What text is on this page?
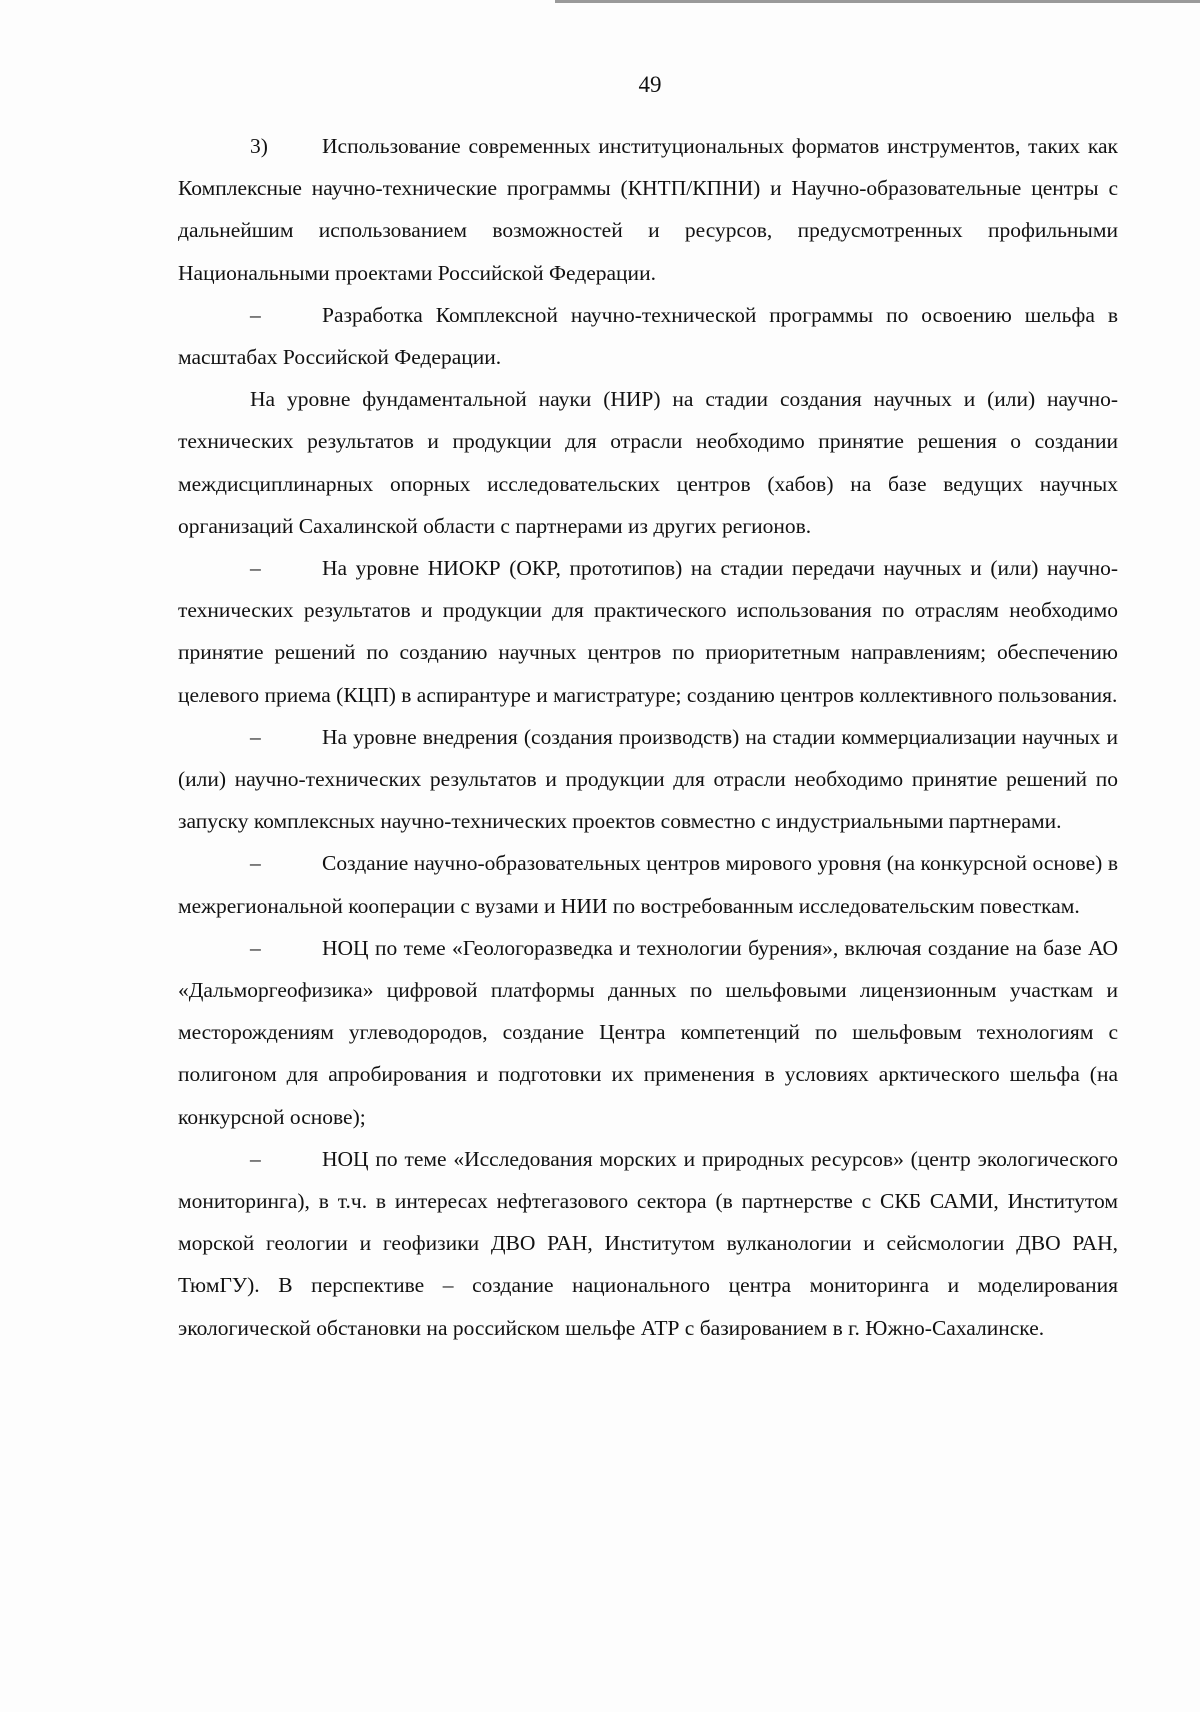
49

3)	Использование современных институциональных форматов инструментов, таких как Комплексные научно-технические программы (КНТП/КПНИ) и Научно-образовательные центры с дальнейшим использованием возможностей и ресурсов, предусмотренных профильными Национальными проектами Российской Федерации.

–	Разработка Комплексной научно-технической программы по освоению шельфа в масштабах Российской Федерации.

На уровне фундаментальной науки (НИР) на стадии создания научных и (или) научно-технических результатов и продукции для отрасли необходимо принятие решения о создании междисциплинарных опорных исследовательских центров (хабов) на базе ведущих научных организаций Сахалинской области с партнерами из других регионов.

–	На уровне НИОКР (ОКР, прототипов) на стадии передачи научных и (или) научно-технических результатов и продукции для практического использования по отраслям необходимо принятие решений по созданию научных центров по приоритетным направлениям; обеспечению целевого приема (КЦП) в аспирантуре и магистратуре; созданию центров коллективного пользования.

–	На уровне внедрения (создания производств) на стадии коммерциализации научных и (или) научно-технических результатов и продукции для отрасли необходимо принятие решений по запуску комплексных научно-технических проектов совместно с индустриальными партнерами.

–	Создание научно-образовательных центров мирового уровня (на конкурсной основе) в межрегиональной кооперации с вузами и НИИ по востребованным исследовательским повесткам.

–	НОЦ по теме «Геологоразведка и технологии бурения», включая создание на базе АО «Дальморгеофизика» цифровой платформы данных по шельфовыми лицензионным участкам и месторождениям углеводородов, создание Центра компетенций по шельфовым технологиям с полигоном для апробирования и подготовки их применения в условиях арктического шельфа (на конкурсной основе);

–	НОЦ по теме «Исследования морских и природных ресурсов» (центр экологического мониторинга), в т.ч. в интересах нефтегазового сектора (в партнерстве с СКБ САМИ, Институтом морской геологии и геофизики ДВО РАН, Институтом вулканологии и сейсмологии ДВО РАН, ТюмГУ). В перспективе – создание национального центра мониторинга и моделирования экологической обстановки на российском шельфе АТР с базированием в г. Южно-Сахалинске.
